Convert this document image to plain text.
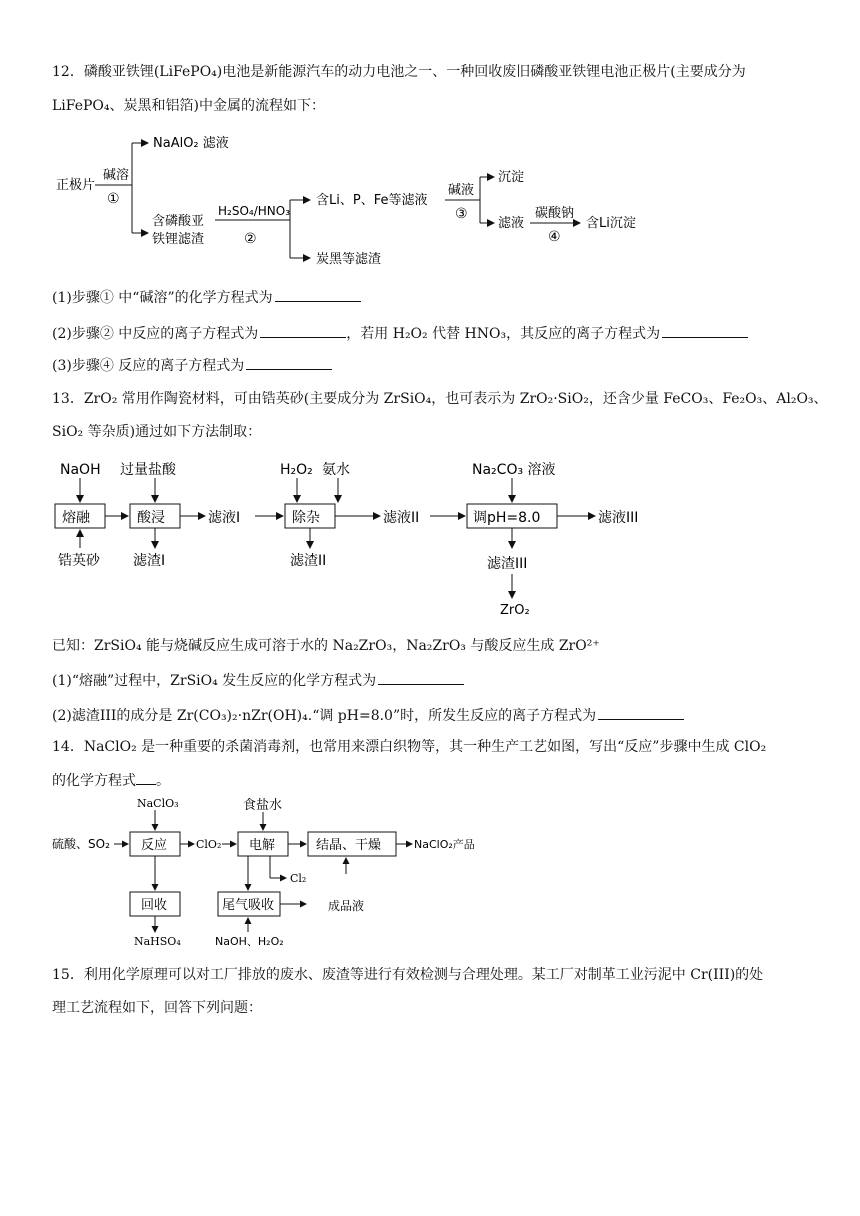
12．磷酸亚铁锂(LiFePO₄)电池是新能源汽车的动力电池之一、一种回收废旧磷酸亚铁锂电池正极片(主要成分为
LiFePO₄、炭黑和铝箔)中金属的流程如下：
正极片
碱溶
①
NaAlO₂ 滤液
含磷酸亚
铁锂滤渣
H₂SO₄/HNO₃
②
含Li、P、Fe等滤液
炭黑等滤渣
碱液
③
沉淀
滤液
碳酸钠
④
含Li沉淀
(1)步骤① 中“碱溶”的化学方程式为
(2)步骤② 中反应的离子方程式为	，若用 H₂O₂ 代替 HNO₃，其反应的离子方程式为
(3)步骤④ 反应的离子方程式为
13．ZrO₂ 常用作陶瓷材料，可由锆英砂(主要成分为 ZrSiO₄，也可表示为 ZrO₂·SiO₂，还含少量 FeCO₃、Fe₂O₃、Al₂O₃、
SiO₂ 等杂质)通过如下方法制取：
NaOH
熔融
锆英砂
过量盐酸
酸浸
滤渣I
滤液I
H₂O₂ 氨水
除杂
滤渣II
滤液II
Na₂CO₃ 溶液
调pH=8.0	滤液III
滤渣III
ZrO₂
已知：ZrSiO₄ 能与烧碱反应生成可溶于水的 Na₂ZrO₃，Na₂ZrO₃ 与酸反应生成 ZrO²⁺
(1)“熔融”过程中，ZrSiO₄ 发生反应的化学方程式为
(2)滤渣III的成分是 Zr(CO₃)₂·nZr(OH)₄.“调 pH=8.0”时，所发生反应的离子方程式为
14．NaClO₂ 是一种重要的杀菌消毒剂，也常用来漂白织物等，其一种生产工艺如图，写出“反应”步骤中生成 ClO₂
的化学方程式 。
NaClO₃
硫酸、SO₂ 反应	ClO₂
食盐水
电解	结晶、干燥	NaClO₂产品
Cl₂
回收	尾气吸收	成品液
NaHSO₄	NaOH、H₂O₂
15．利用化学原理可以对工厂排放的废水、废渣等进行有效检测与合理处理。某工厂对制革工业污泥中 Cr(III)的处
理工艺流程如下，回答下列问题：
